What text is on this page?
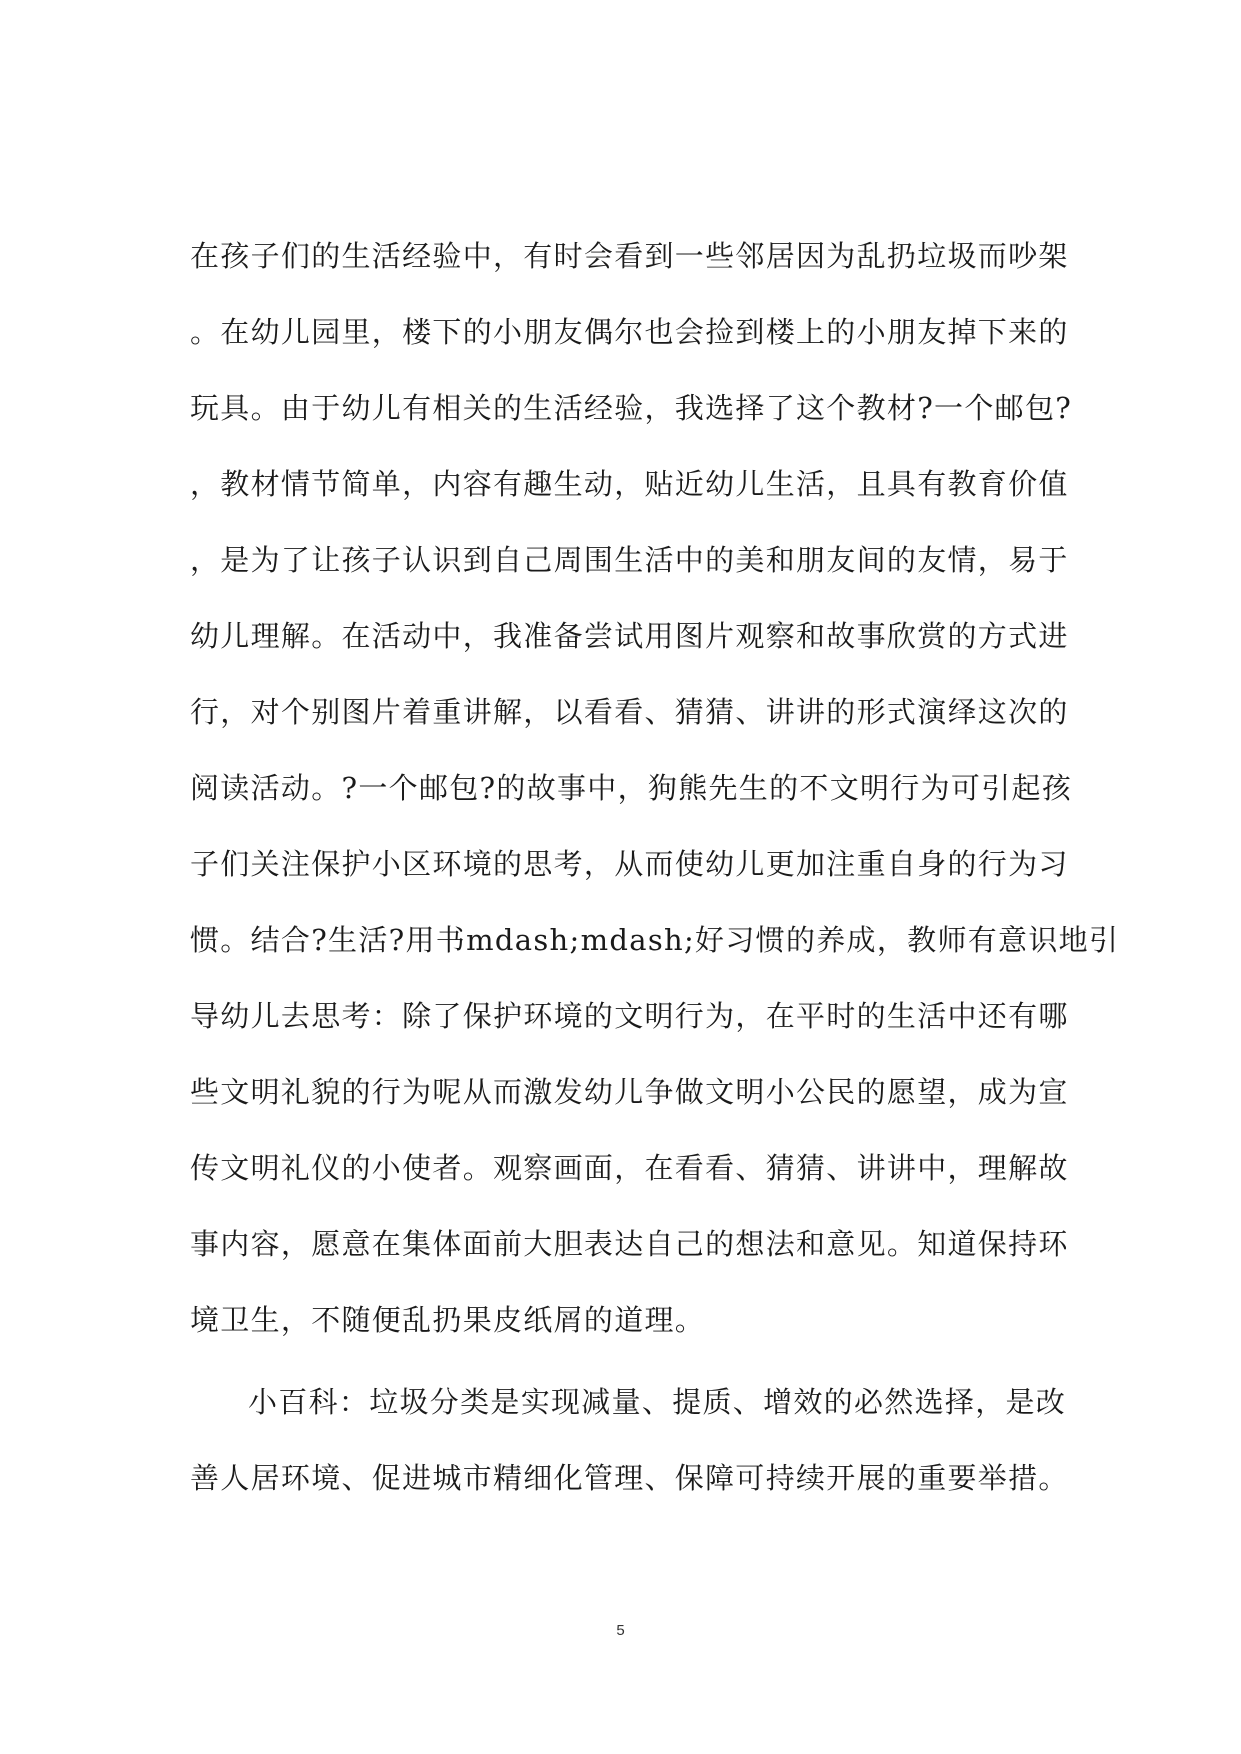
在孩子们的生活经验中，有时会看到一些邻居因为乱扔垃圾而吵架
。在幼儿园里，楼下的小朋友偶尔也会捡到楼上的小朋友掉下来的
玩具。由于幼儿有相关的生活经验，我选择了这个教材?一个邮包?
，教材情节简单，内容有趣生动，贴近幼儿生活，且具有教育价值
，是为了让孩子认识到自己周围生活中的美和朋友间的友情，易于
幼儿理解。在活动中，我准备尝试用图片观察和故事欣赏的方式进
行，对个别图片着重讲解，以看看、猜猜、讲讲的形式演绎这次的
阅读活动。?一个邮包?的故事中，狗熊先生的不文明行为可引起孩
子们关注保护小区环境的思考，从而使幼儿更加注重自身的行为习
惯。结合?生活?用书mdash;mdash;好习惯的养成，教师有意识地引
导幼儿去思考：除了保护环境的文明行为，在平时的生活中还有哪
些文明礼貌的行为呢从而激发幼儿争做文明小公民的愿望，成为宣
传文明礼仪的小使者。观察画面，在看看、猜猜、讲讲中，理解故
事内容，愿意在集体面前大胆表达自己的想法和意见。知道保持环
境卫生，不随便乱扔果皮纸屑的道理。
小百科：垃圾分类是实现减量、提质、增效的必然选择，是改
善人居环境、促进城市精细化管理、保障可持续开展的重要举措。
5
